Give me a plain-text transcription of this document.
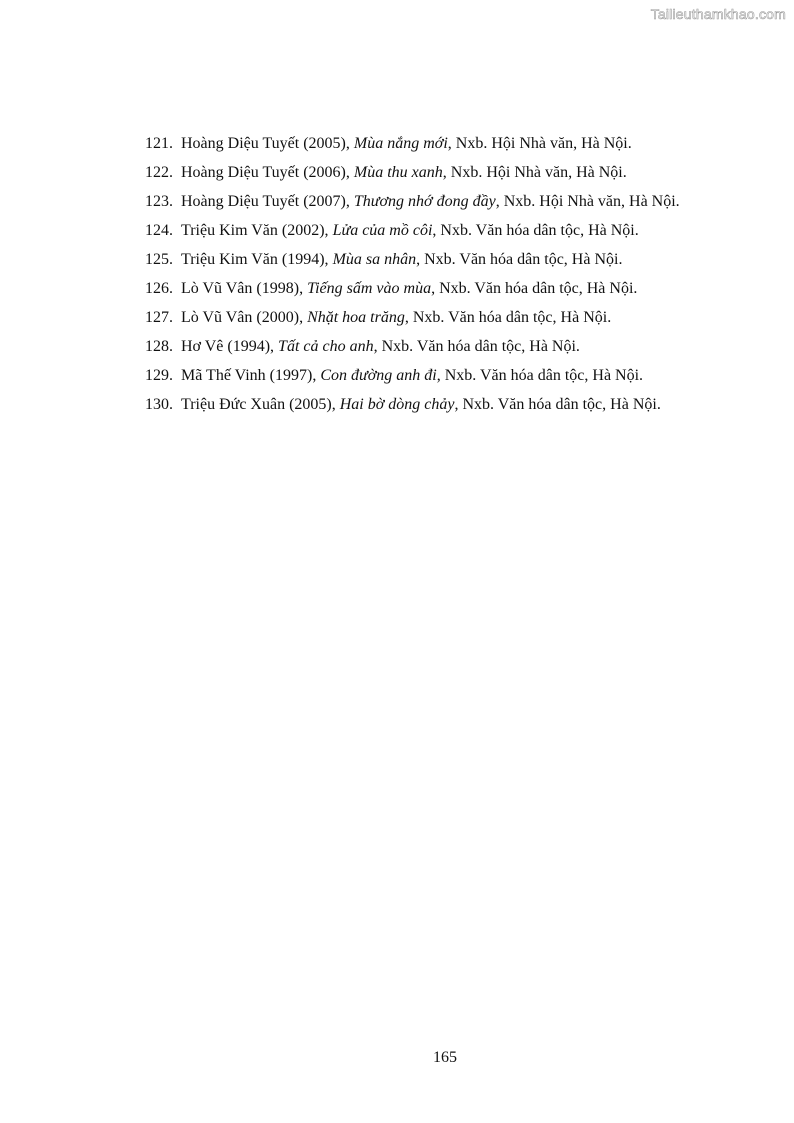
Tailieuthamkhao.com
121. Hoàng Diệu Tuyết (2005), Mùa nắng mới, Nxb. Hội Nhà văn, Hà Nội.
122. Hoàng Diệu Tuyết (2006), Mùa thu xanh, Nxb. Hội Nhà văn, Hà Nội.
123. Hoàng Diệu Tuyết (2007), Thương nhớ đong đầy, Nxb. Hội Nhà văn, Hà Nội.
124. Triệu Kim Văn (2002), Lửa của mồ côi, Nxb. Văn hóa dân tộc, Hà Nội.
125. Triệu Kim Văn (1994), Mùa sa nhân, Nxb. Văn hóa dân tộc, Hà Nội.
126. Lò Vũ Vân (1998), Tiếng sấm vào mùa, Nxb. Văn hóa dân tộc, Hà Nội.
127. Lò Vũ Vân (2000), Nhặt hoa trăng, Nxb. Văn hóa dân tộc, Hà Nội.
128. Hơ Vê (1994), Tất cả cho anh, Nxb. Văn hóa dân tộc, Hà Nội.
129. Mã Thế Vinh (1997), Con đường anh đi, Nxb. Văn hóa dân tộc, Hà Nội.
130. Triệu Đức Xuân (2005), Hai bờ dòng chảy, Nxb. Văn hóa dân tộc, Hà Nội.
165
